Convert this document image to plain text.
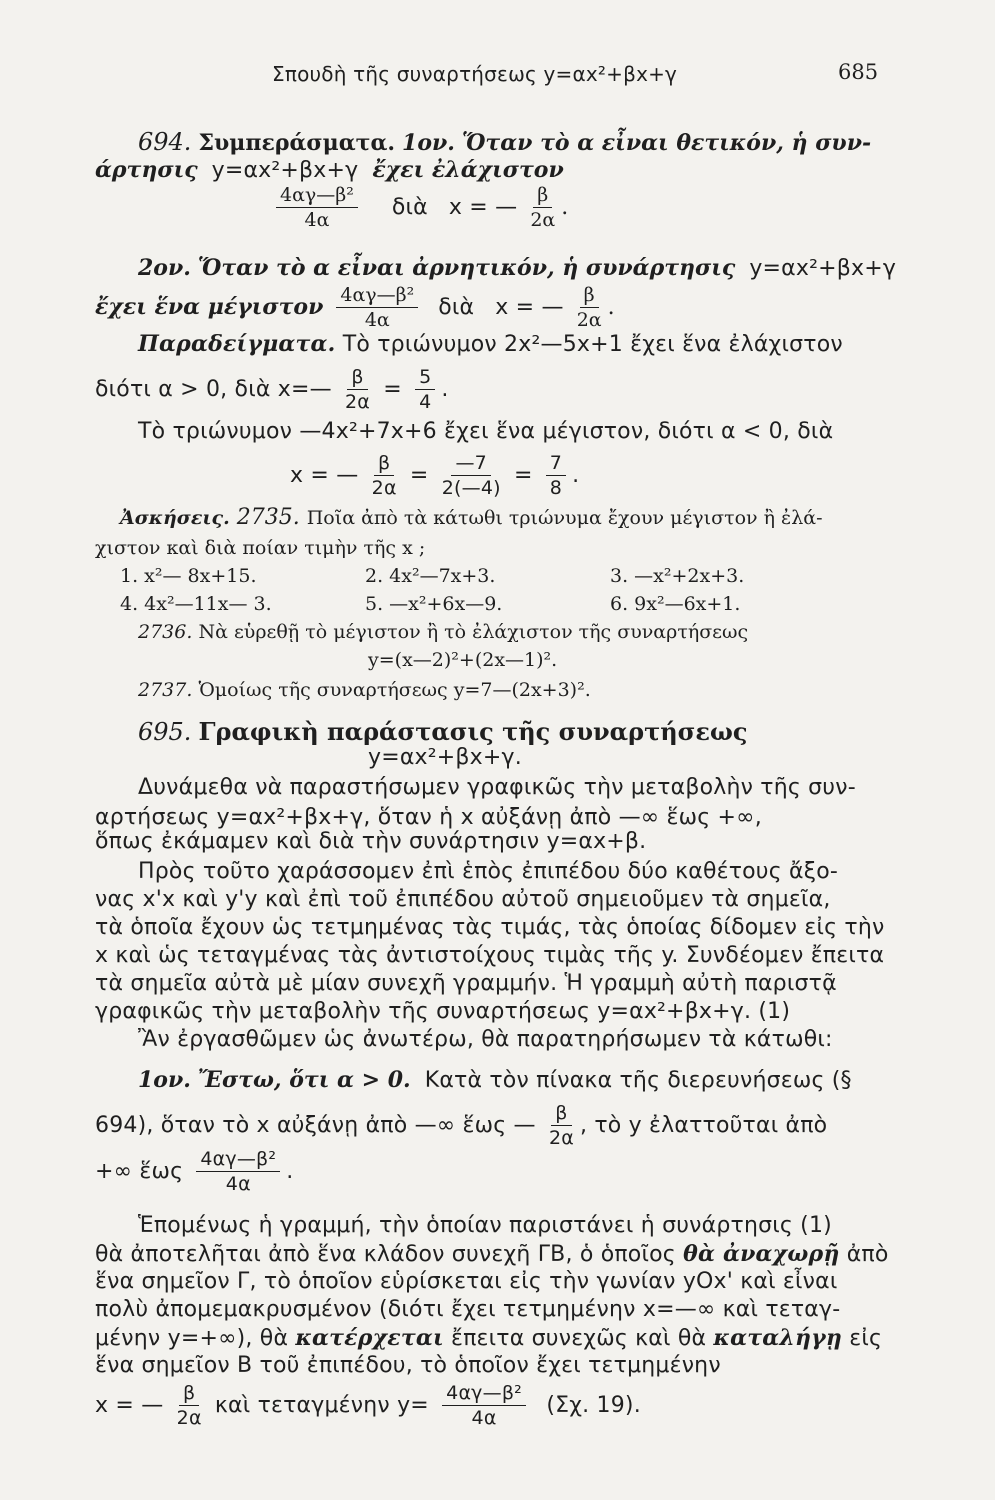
Σπουδὴ τῆς συναρτήσεως y=αx²+βx+γ	685
694. Συμπεράσματα. 1ον. Ὅταν τὸ α εἶναι θετικόν, ἡ συν-
άρτησις y=αx²+βx+γ ἔχει ἐλάχιστον
$\frac{\text{4αγ—β²}}{4\alpha}$ διὰ x = — $\frac{\beta}{2\alpha}$ .
2ον. Ὅταν τὸ α εἶναι ἀρνητικόν, ἡ συνάρτησις y=αx²+βx+γ
ἔχει ἕνα μέγιστον $\frac{\text{4αγ—β²}}{4\alpha}$ διὰ x = — $\frac{\beta}{2\alpha}$ .
Παραδείγματα. Τὸ τριώνυμον 2x²—5x+1 ἔχει ἕνα ἐλάχιστον
διότι α > 0, διὰ x=— $\frac{\beta}{2\alpha} = \frac{5}{4}$ .
Τὸ τριώνυμον —4x²+7x+6 ἔχει ἕνα μέγιστον, διότι α < 0, διὰ
x = — $\frac{\beta}{2\alpha} = \frac{—7}{2(—4)} = \frac{7}{8}$ .
Ἀσκήσεις. 2735. Ποῖα ἀπὸ τὰ κάτωθι τριώνυμα ἔχουν μέγιστον ἢ ἐλά-
χιστον καὶ διὰ ποίαν τιμὴν τῆς x ;
1. x²— 8x+15.	2. 4x²—7x+3.	3. —x²+2x+3.
4. 4x²—11x— 3.	5. —x²+6x—9.	6. 9x²—6x+1.
2736. Νὰ εὑρεθῇ τὸ μέγιστον ἢ τὸ ἐλάχιστον τῆς συναρτήσεως
y=(x—2)²+(2x—1)².
2737. Ὁμοίως τῆς συναρτήσεως y=7—(2x+3)².
695. Γραφικὴ παράστασις τῆς συναρτήσεως
y=αx²+βx+γ.
Δυνάμεθα νὰ παραστήσωμεν γραφικῶς τὴν μεταβολὴν τῆς συν-
αρτήσεως y=αx²+βx+γ, ὅταν ἡ x αὐξάνῃ ἀπὸ —∞ ἕως +∞,
ὅπως ἐκάμαμεν καὶ διὰ τὴν συνάρτησιν y=αx+β.
Πρὸς τοῦτο χαράσσομεν ἐπὶ ἑπὸς ἐπιπέδου δύο καθέτους ἄξο-
νας x'x καὶ y'y καὶ ἐπὶ τοῦ ἐπιπέδου αὐτοῦ σημειοῦμεν τὰ σημεῖα,
τὰ ὁποῖα ἔχουν ὡς τετμημένας τὰς τιμάς, τὰς ὁποίας δίδομεν εἰς τὴν
x καὶ ὡς τεταγμένας τὰς ἀντιστοίχους τιμὰς τῆς y. Συνδέομεν ἔπειτα
τὰ σημεῖα αὐτὰ μὲ μίαν συνεχῆ γραμμήν. Ἡ γραμμὴ αὐτὴ παριστᾷ
γραφικῶς τὴν μεταβολὴν τῆς συναρτήσεως y=αx²+βx+γ. (1)
Ἂν ἐργασθῶμεν ὡς ἀνωτέρω, θὰ παρατηρήσωμεν τὰ κάτωθι:
1ον. Ἔστω, ὅτι α > 0. Κατὰ τὸν πίνακα τῆς διερευνήσεως (§
694), ὅταν τὸ x αὐξάνῃ ἀπὸ —∞ ἕως — $\frac{\beta}{2\alpha}$ , τὸ y ἐλαττοῦται ἀπὸ
+∞ ἕως $\frac{\text{4αγ—β²}}{4\alpha}$ .
Ἑπομένως ἡ γραμμή, τὴν ὁποίαν παριστάνει ἡ συνάρτησις (1)
θὰ ἀποτελῆται ἀπὸ ἕνα κλάδον συνεχῆ ΓΒ, ὁ ὁποῖος θὰ ἀναχωρῇ ἀπὸ
ἕνα σημεῖον Γ, τὸ ὁποῖον εὑρίσκεται εἰς τὴν γωνίαν yOx' καὶ εἶναι
πολὺ ἀπομεμακρυσμένον (διότι ἔχει τετμημένην x=—∞ καὶ τεταγ-
μένην y=+∞), θὰ κατέρχεται ἔπειτα συνεχῶς καὶ θὰ καταλήγῃ εἰς
ἕνα σημεῖον Β τοῦ ἐπιπέδου, τὸ ὁποῖον ἔχει τετμημένην
x = — $\frac{\beta}{2\alpha}$ καὶ τεταγμένην $y= \frac{\text{4αγ—β²}}{4\alpha} (\Sigma\chi$. 19).
